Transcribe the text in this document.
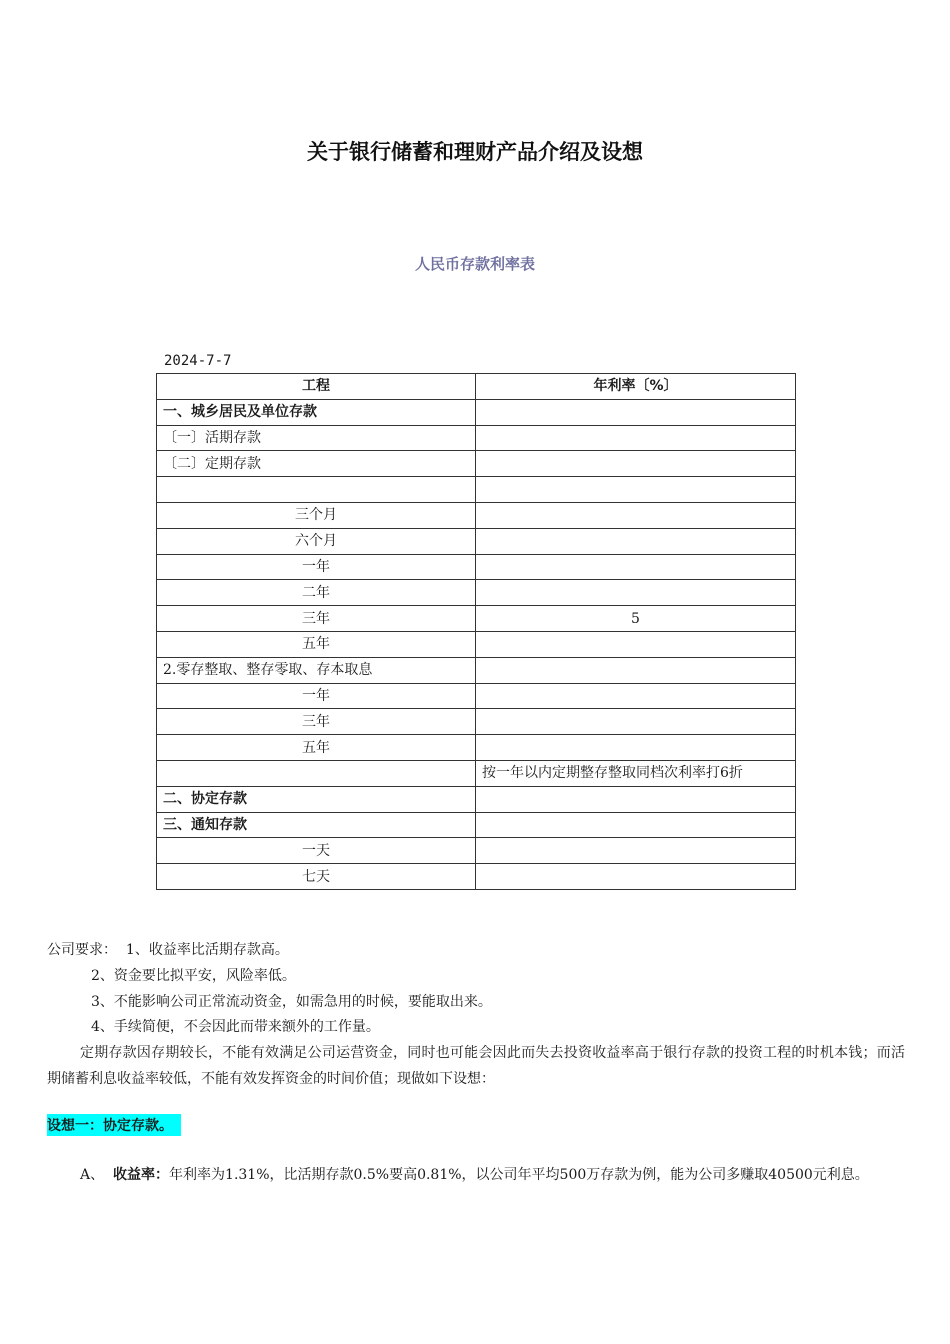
关于银行储蓄和理财产品介绍及设想
人民币存款利率表
2024-7-7
工程	年利率〔%〕
一、城乡居民及单位存款	
〔一〕活期存款	
〔二〕定期存款	

三个月	
六个月	
一年	
二年	
三年	5
五年	
2.零存整取、整存零取、存本取息	
一年	
三年	
五年	
	按一年以内定期整存整取同档次利率打6折
二、协定存款	
三、通知存款	
一天	
七天	
公司要求： 1、收益率比活期存款高。
2、资金要比拟平安，风险率低。
3、不能影响公司正常流动资金，如需急用的时候，要能取出来。
4、手续简便，不会因此而带来额外的工作量。
定期存款因存期较长，不能有效满足公司运营资金，同时也可能会因此而失去投资收益率高于银行存款的投资工程的时机本钱；而活期储蓄利息收益率较低，不能有效发挥资金的时间价值；现做如下设想：
设想一：协定存款。
A、 收益率：年利率为1.31%，比活期存款0.5%要高0.81%，以公司年平均500万存款为例，能为公司多赚取40500元利息。
